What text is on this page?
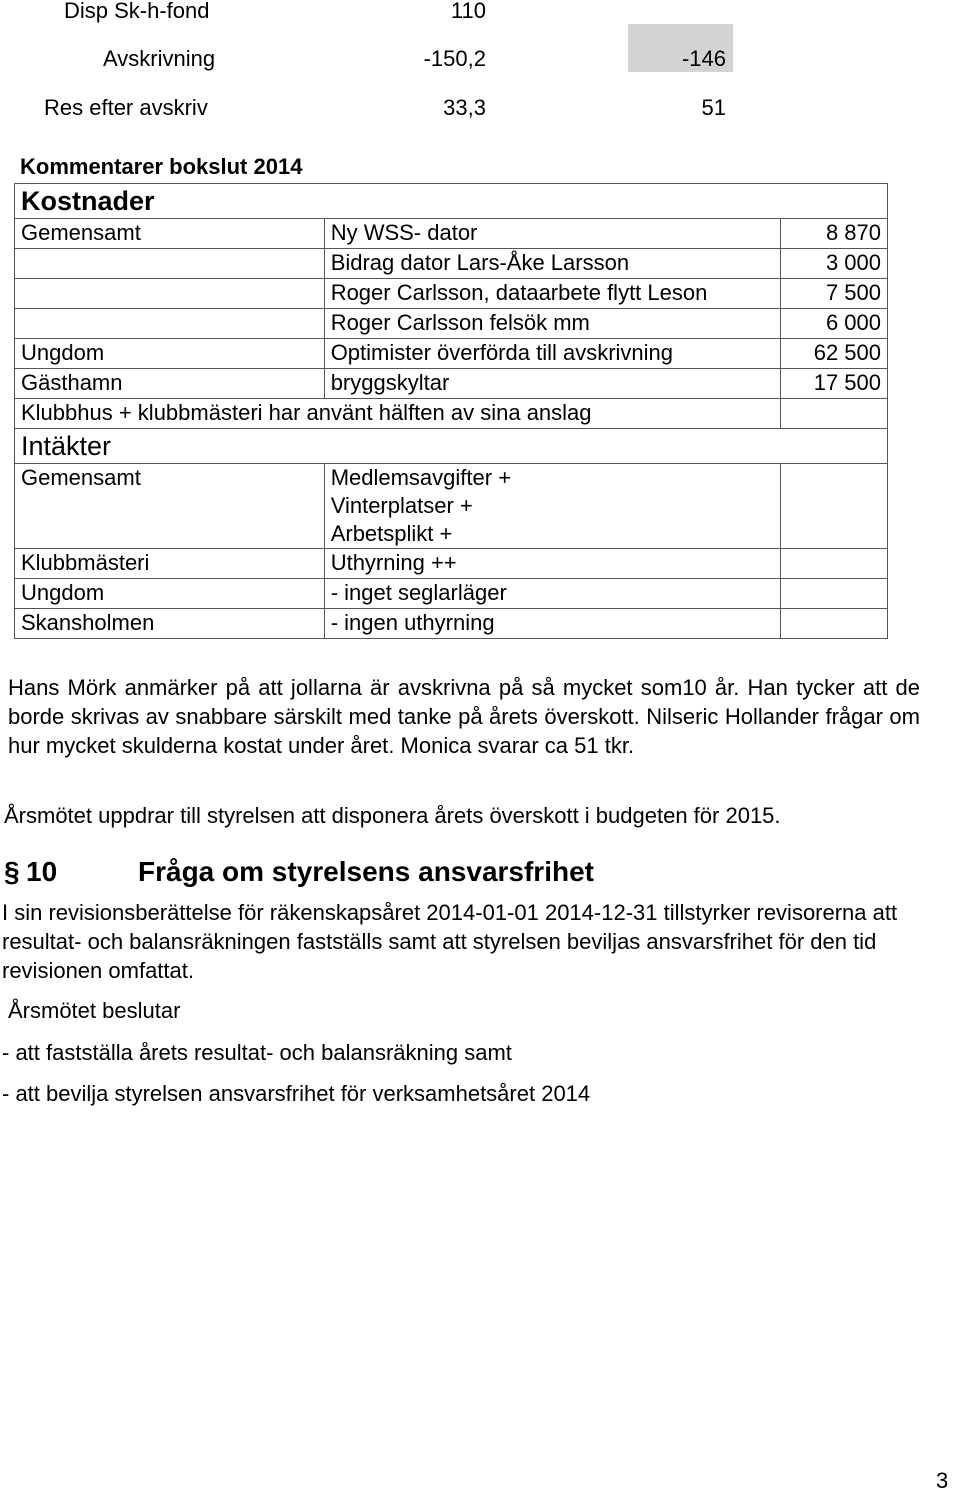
Disp Sk-h-fond	110
Avskrivning	-150,2	-146
Res efter avskriv	33,3	51
Kommentarer bokslut 2014
Kostnader		
Gemensamt	Ny WSS- dator	8 870
	Bidrag dator Lars-Åke Larsson	3 000
	Roger Carlsson, dataarbete flytt Leson	7 500
	Roger Carlsson felsök mm	6 000
Ungdom	Optimister överförda till avskrivning	62 500
Gästhamn	bryggskyltar	17 500
Klubbhus + klubbmästeri har använt hälften av sina anslag		
Intäkter		
Gemensamt	Medlemsavgifter +
Vinterplatser +
Arbetsplikt +	

Klubbmästeri	Uthyrning ++	
Ungdom	- inget seglarläger	
Skansholmen	- ingen uthyrning	
Hans Mörk anmärker på att jollarna är avskrivna på så mycket som10 år. Han tycker att de borde skrivas av snabbare särskilt med tanke på årets överskott. Nilseric Hollander frågar om hur mycket skulderna kostat under året. Monica svarar ca 51 tkr.
Årsmötet uppdrar till styrelsen att disponera årets överskott i budgeten för 2015.
§ 10	Fråga om styrelsens ansvarsfrihet
I sin revisionsberättelse för räkenskapsåret 2014-01-01 2014-12-31 tillstyrker revisorerna att resultat- och balansräkningen fastställs samt att styrelsen beviljas ansvarsfrihet för den tid revisionen omfattat.
Årsmötet beslutar
- att fastställa årets resultat- och balansräkning samt
- att bevilja styrelsen ansvarsfrihet för verksamhetsåret 2014
3
